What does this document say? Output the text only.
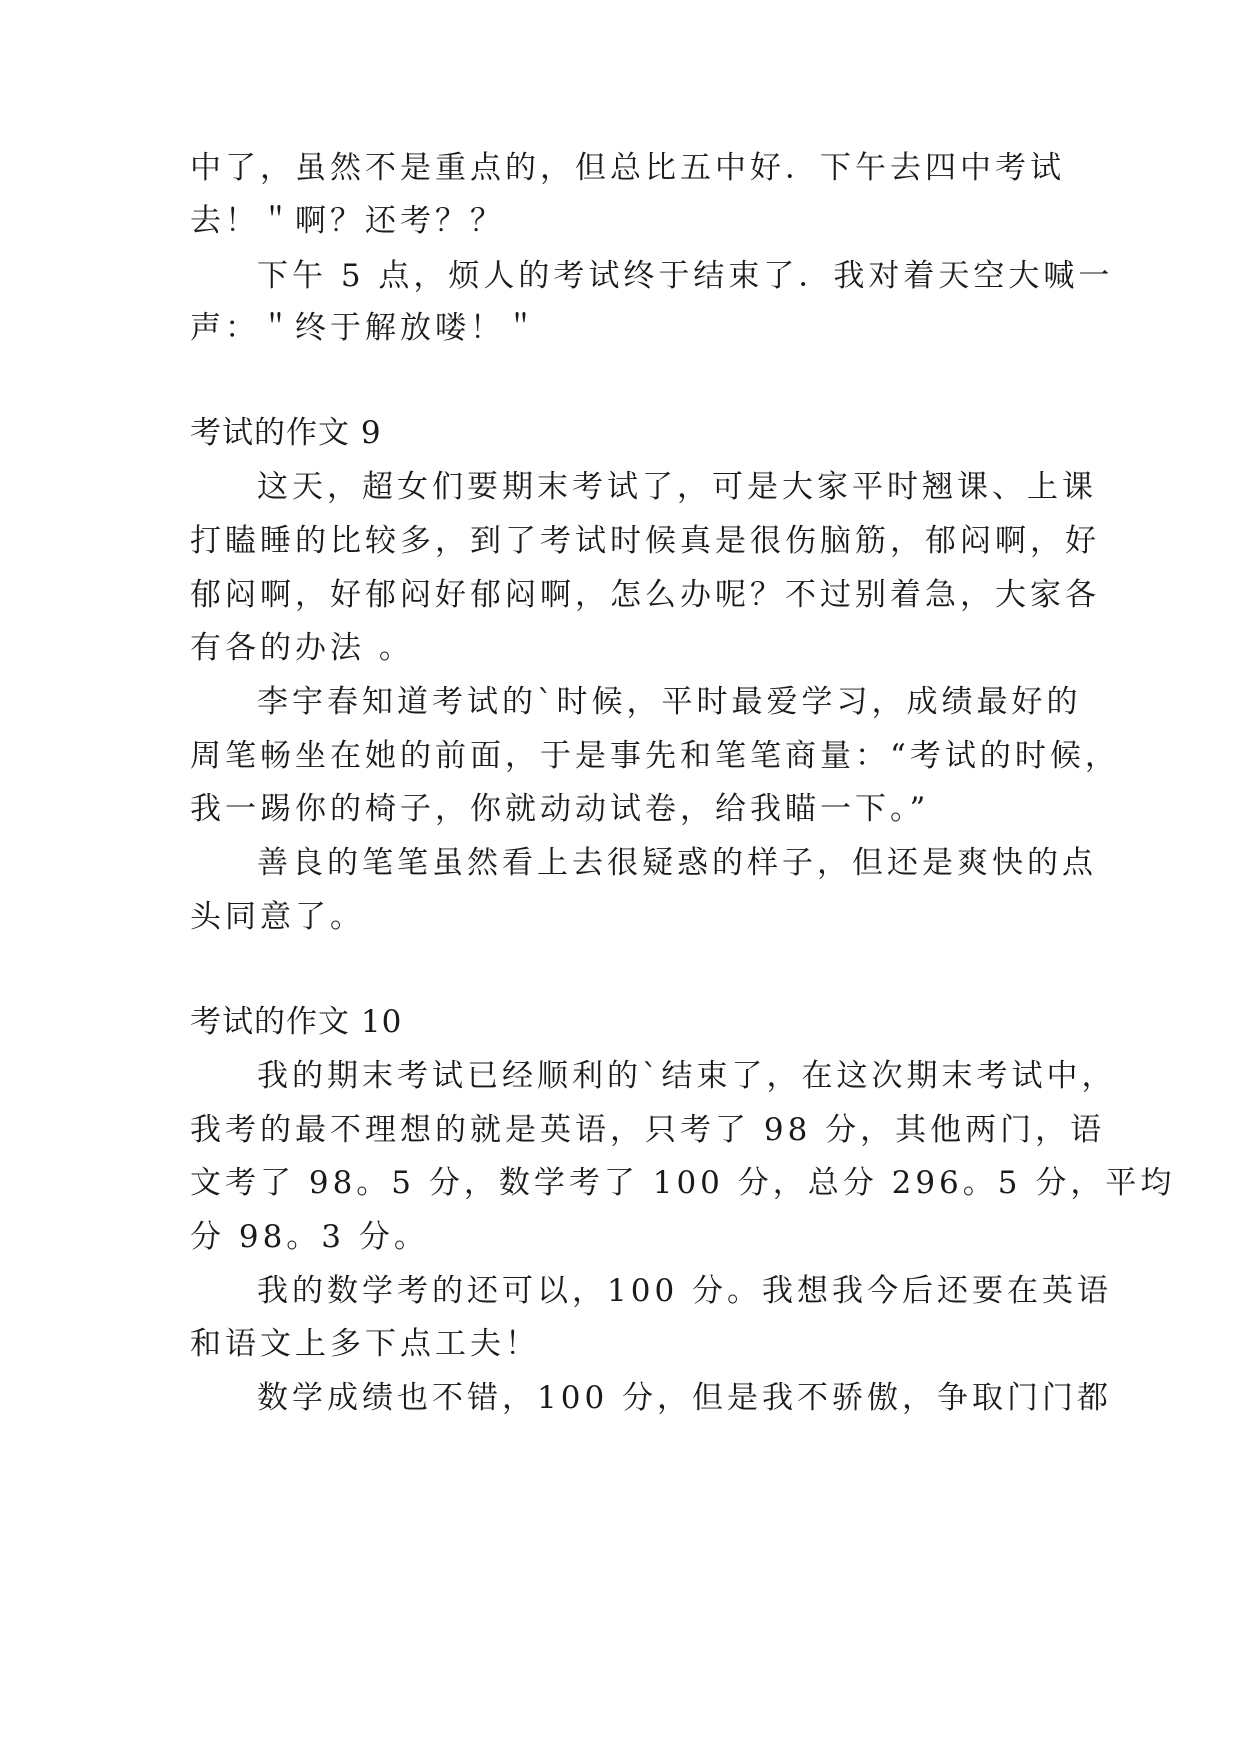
中了，虽然不是重点的，但总比五中好．下午去四中考试
去！＂啊？还考？？
下午 5 点，烦人的考试终于结束了．我对着天空大喊一
声：＂终于解放喽！＂
考试的作文 9
这天，超女们要期末考试了，可是大家平时翘课、上课
打瞌睡的比较多，到了考试时候真是很伤脑筋，郁闷啊，好
郁闷啊，好郁闷好郁闷啊，怎么办呢？不过别着急，大家各
有各的办法 。
李宇春知道考试的`时候，平时最爱学习，成绩最好的
周笔畅坐在她的前面，于是事先和笔笔商量：“考试的时候，
我一踢你的椅子，你就动动试卷，给我瞄一下。”
善良的笔笔虽然看上去很疑惑的样子，但还是爽快的点
头同意了。
考试的作文 10
我的期末考试已经顺利的`结束了，在这次期末考试中，
我考的最不理想的就是英语，只考了 98 分，其他两门，语
文考了 98。5 分，数学考了 100 分，总分 296。5 分，平均
分 98。3 分。
我的数学考的还可以，100 分。我想我今后还要在英语
和语文上多下点工夫！
数学成绩也不错，100 分，但是我不骄傲，争取门门都
